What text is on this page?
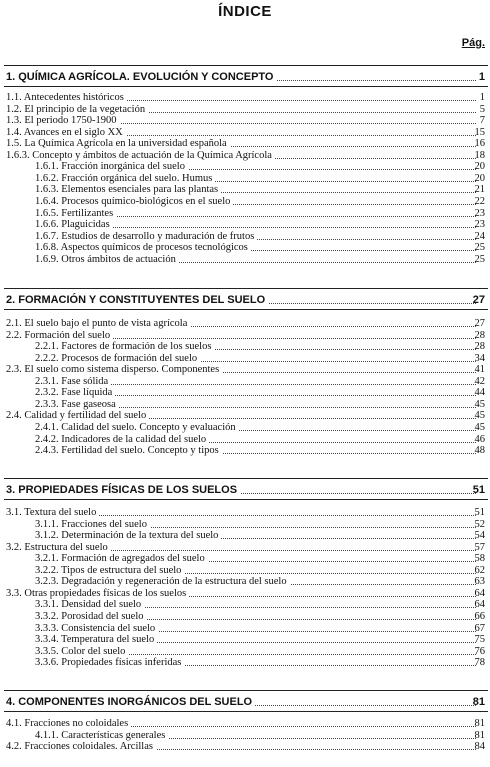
ÍNDICE
Pág.
1. QUÍMICA AGRÍCOLA. EVOLUCIÓN Y CONCEPTO	1
1.1. Antecedentes históricos	1
1.2. El principio de la vegetación	5
1.3. El periodo 1750-1900	7
1.4. Avances en el siglo XX	15
1.5. La Química Agrícola en la universidad española	16
1.6.3. Concepto y ámbitos de actuación de la Química Agrícola	18
1.6.1. Fracción inorgánica del suelo	20
1.6.2. Fracción orgánica del suelo. Humus	20
1.6.3. Elementos esenciales para las plantas	21
1.6.4. Procesos químico-biológicos en el suelo	22
1.6.5. Fertilizantes	23
1.6.6. Plaguicidas	23
1.6.7. Estudios de desarrollo y maduración de frutos	24
1.6.8. Aspectos químicos de procesos tecnológicos	25
1.6.9. Otros ámbitos de actuación	25
2. FORMACIÓN Y CONSTITUYENTES DEL SUELO	27
2.1. El suelo bajo el punto de vista agrícola	27
2.2. Formación del suelo	28
2.2.1. Factores de formación de los suelos	28
2.2.2. Procesos de formación del suelo	34
2.3. El suelo como sistema disperso. Componentes	41
2.3.1. Fase sólida	42
2.3.2. Fase líquida	44
2.3.3. Fase gaseosa	45
2.4. Calidad y fertilidad del suelo	45
2.4.1. Calidad del suelo. Concepto y evaluación	45
2.4.2. Indicadores de la calidad del suelo	46
2.4.3. Fertilidad del suelo. Concepto y tipos	48
3. PROPIEDADES FÍSICAS DE LOS SUELOS	51
3.1. Textura del suelo	51
3.1.1. Fracciones del suelo	52
3.1.2. Determinación de la textura del suelo	54
3.2. Estructura del suelo	57
3.2.1. Formación de agregados del suelo	58
3.2.2. Tipos de estructura del suelo	62
3.2.3. Degradación y regeneración de la estructura del suelo	63
3.3. Otras propiedades físicas de los suelos	64
3.3.1. Densidad del suelo	64
3.3.2. Porosidad del suelo	66
3.3.3. Consistencia del suelo	67
3.3.4. Temperatura del suelo	75
3.3.5. Color del suelo	76
3.3.6. Propiedades físicas inferidas	78
4. COMPONENTES INORGÁNICOS DEL SUELO	81
4.1. Fracciones no coloidales	81
4.1.1. Características generales	81
4.2. Fracciones coloidales. Arcillas	84
